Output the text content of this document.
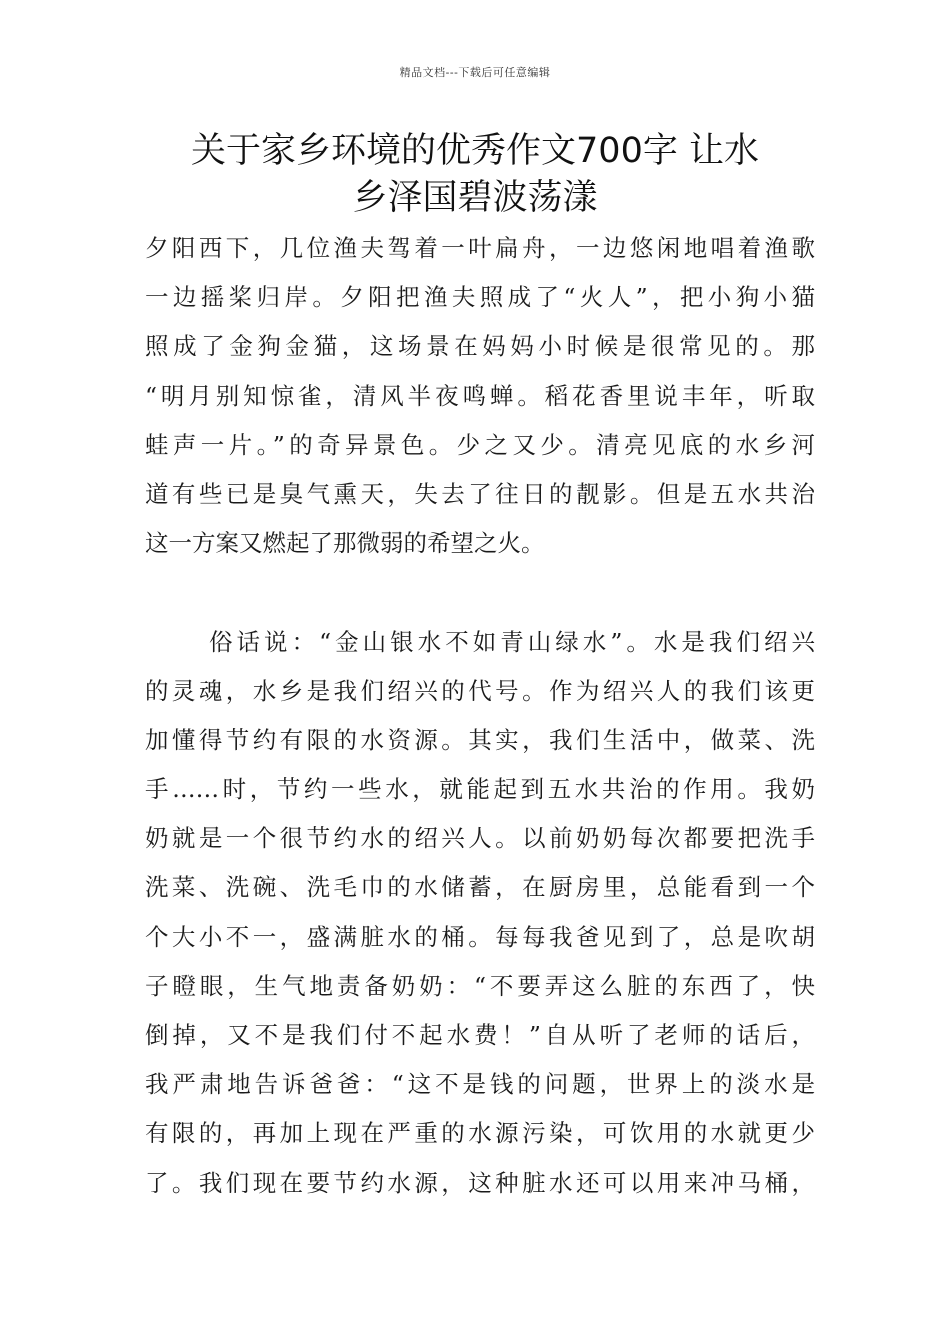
精品文档---下载后可任意编辑
关于家乡环境的优秀作文700字 让水
乡泽国碧波荡漾
夕阳西下，几位渔夫驾着一叶扁舟，一边悠闲地唱着渔歌
一边摇桨归岸。夕阳把渔夫照成了“火人”，把小狗小猫
照成了金狗金猫，这场景在妈妈小时候是很常见的。那
“明月别知惊雀，清风半夜鸣蝉。稻花香里说丰年，听取
蛙声一片。”的奇异景色。少之又少。清亮见底的水乡河
道有些已是臭气熏天，失去了往日的靓影。但是五水共治
这一方案又燃起了那微弱的希望之火。
俗话说：“金山银水不如青山绿水”。水是我们绍兴
的灵魂，水乡是我们绍兴的代号。作为绍兴人的我们该更
加懂得节约有限的水资源。其实，我们生活中，做菜、洗
手……时，节约一些水，就能起到五水共治的作用。我奶
奶就是一个很节约水的绍兴人。以前奶奶每次都要把洗手
洗菜、洗碗、洗毛巾的水储蓄，在厨房里，总能看到一个
个大小不一，盛满脏水的桶。每每我爸见到了，总是吹胡
子瞪眼，生气地责备奶奶：“不要弄这么脏的东西了，快
倒掉，又不是我们付不起水费！”自从听了老师的话后，
我严肃地告诉爸爸：“这不是钱的问题，世界上的淡水是
有限的，再加上现在严重的水源污染，可饮用的水就更少
了。我们现在要节约水源，这种脏水还可以用来冲马桶，
